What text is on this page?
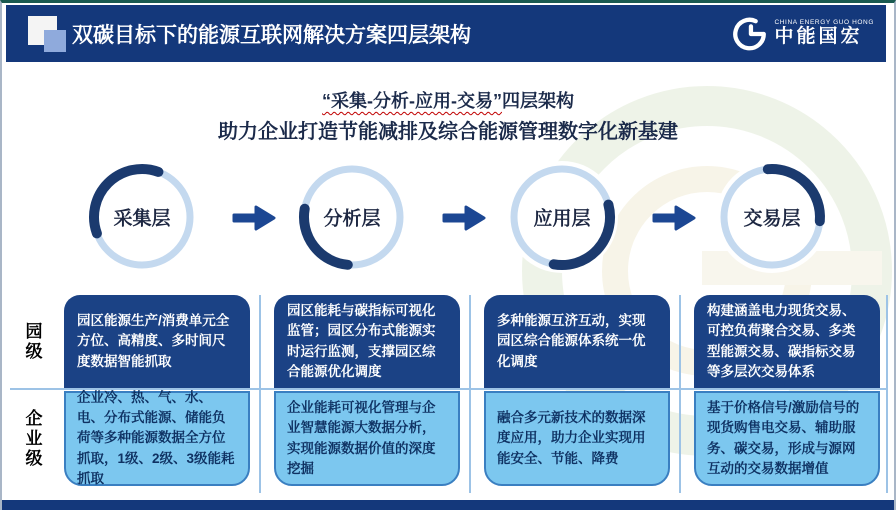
双碳目标下的能源互联网解决方案四层架构
CHINA ENERGY GUO HONG
中能国宏
“采集-分析-应用-交易”四层架构
助力企业打造节能减排及综合能源管理数字化新基建
采集层	分析层	应用层	交易层
园级
企业级
园区能源生产/消费单元全方位、高精度、多时间尺度数据智能抓取
园区能耗与碳指标可视化监管；园区分布式能源实时运行监测，支撑园区综合能源优化调度
多种能源互济互动，实现园区综合能源体系统一优化调度
构建涵盖电力现货交易、可控负荷聚合交易、多类型能源交易、碳指标交易等多层次交易体系
企业冷、热、气、水、电、分布式能源、储能负荷等多种能源数据全方位抓取，1级、2级、3级能耗抓取
企业能耗可视化管理与企业智慧能源大数据分析，实现能源数据价值的深度挖掘
融合多元新技术的数据深度应用，助力企业实现用能安全、节能、降费
基于价格信号/激励信号的现货购售电交易、辅助服务、碳交易，形成与源网互动的交易数据增值
